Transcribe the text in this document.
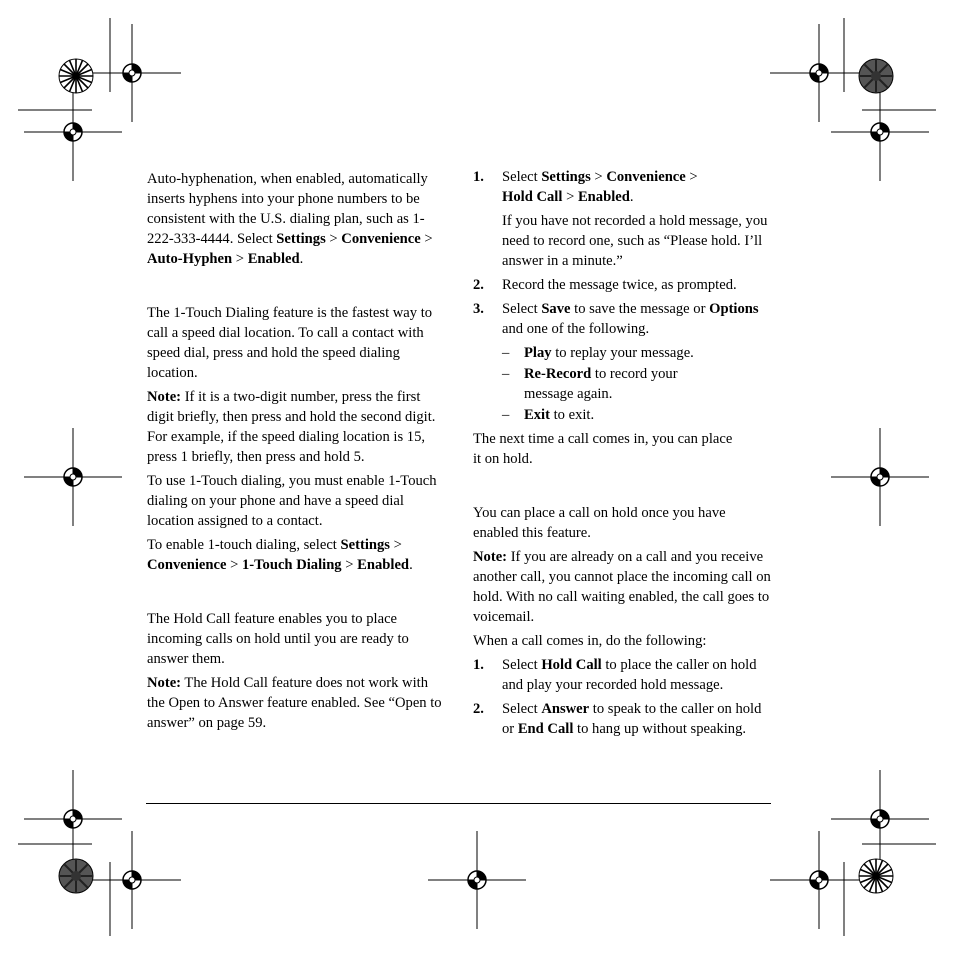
Auto-hyphenation, when enabled, automatically inserts hyphens into your phone numbers to be consistent with the U.S. dialing plan, such as 1-222-333-4444. Select Settings > Convenience > Auto-Hyphen > Enabled.

The 1-Touch Dialing feature is the fastest way to call a speed dial location. To call a contact with speed dial, press and hold the speed dialing location.

Note: If it is a two-digit number, press the first digit briefly, then press and hold the second digit. For example, if the speed dialing location is 15, press 1 briefly, then press and hold 5.

To use 1-Touch dialing, you must enable 1-Touch dialing on your phone and have a speed dial location assigned to a contact.

To enable 1-touch dialing, select Settings > Convenience > 1-Touch Dialing > Enabled.

The Hold Call feature enables you to place incoming calls on hold until you are ready to answer them.

Note: The Hold Call feature does not work with the Open to Answer feature enabled. See “Open to answer” on page 59.

1.	Select Settings > Convenience >
Hold Call > Enabled.

If you have not recorded a hold message, you need to record one, such as “Please hold. I’ll answer in a minute.”

2.	Record the message twice, as prompted.
3.	Select Save to save the message or Options and one of the following.
–	Play to replay your message.
–	Re-Record to record your message again.
–	Exit to exit.

The next time a call comes in, you can place it on hold.

You can place a call on hold once you have enabled this feature.

Note: If you are already on a call and you receive another call, you cannot place the incoming call on hold. With no call waiting enabled, the call goes to voicemail.

When a call comes in, do the following:

1.	Select Hold Call to place the caller on hold and play your recorded hold message.
2.	Select Answer to speak to the caller on hold or End Call to hang up without speaking.
